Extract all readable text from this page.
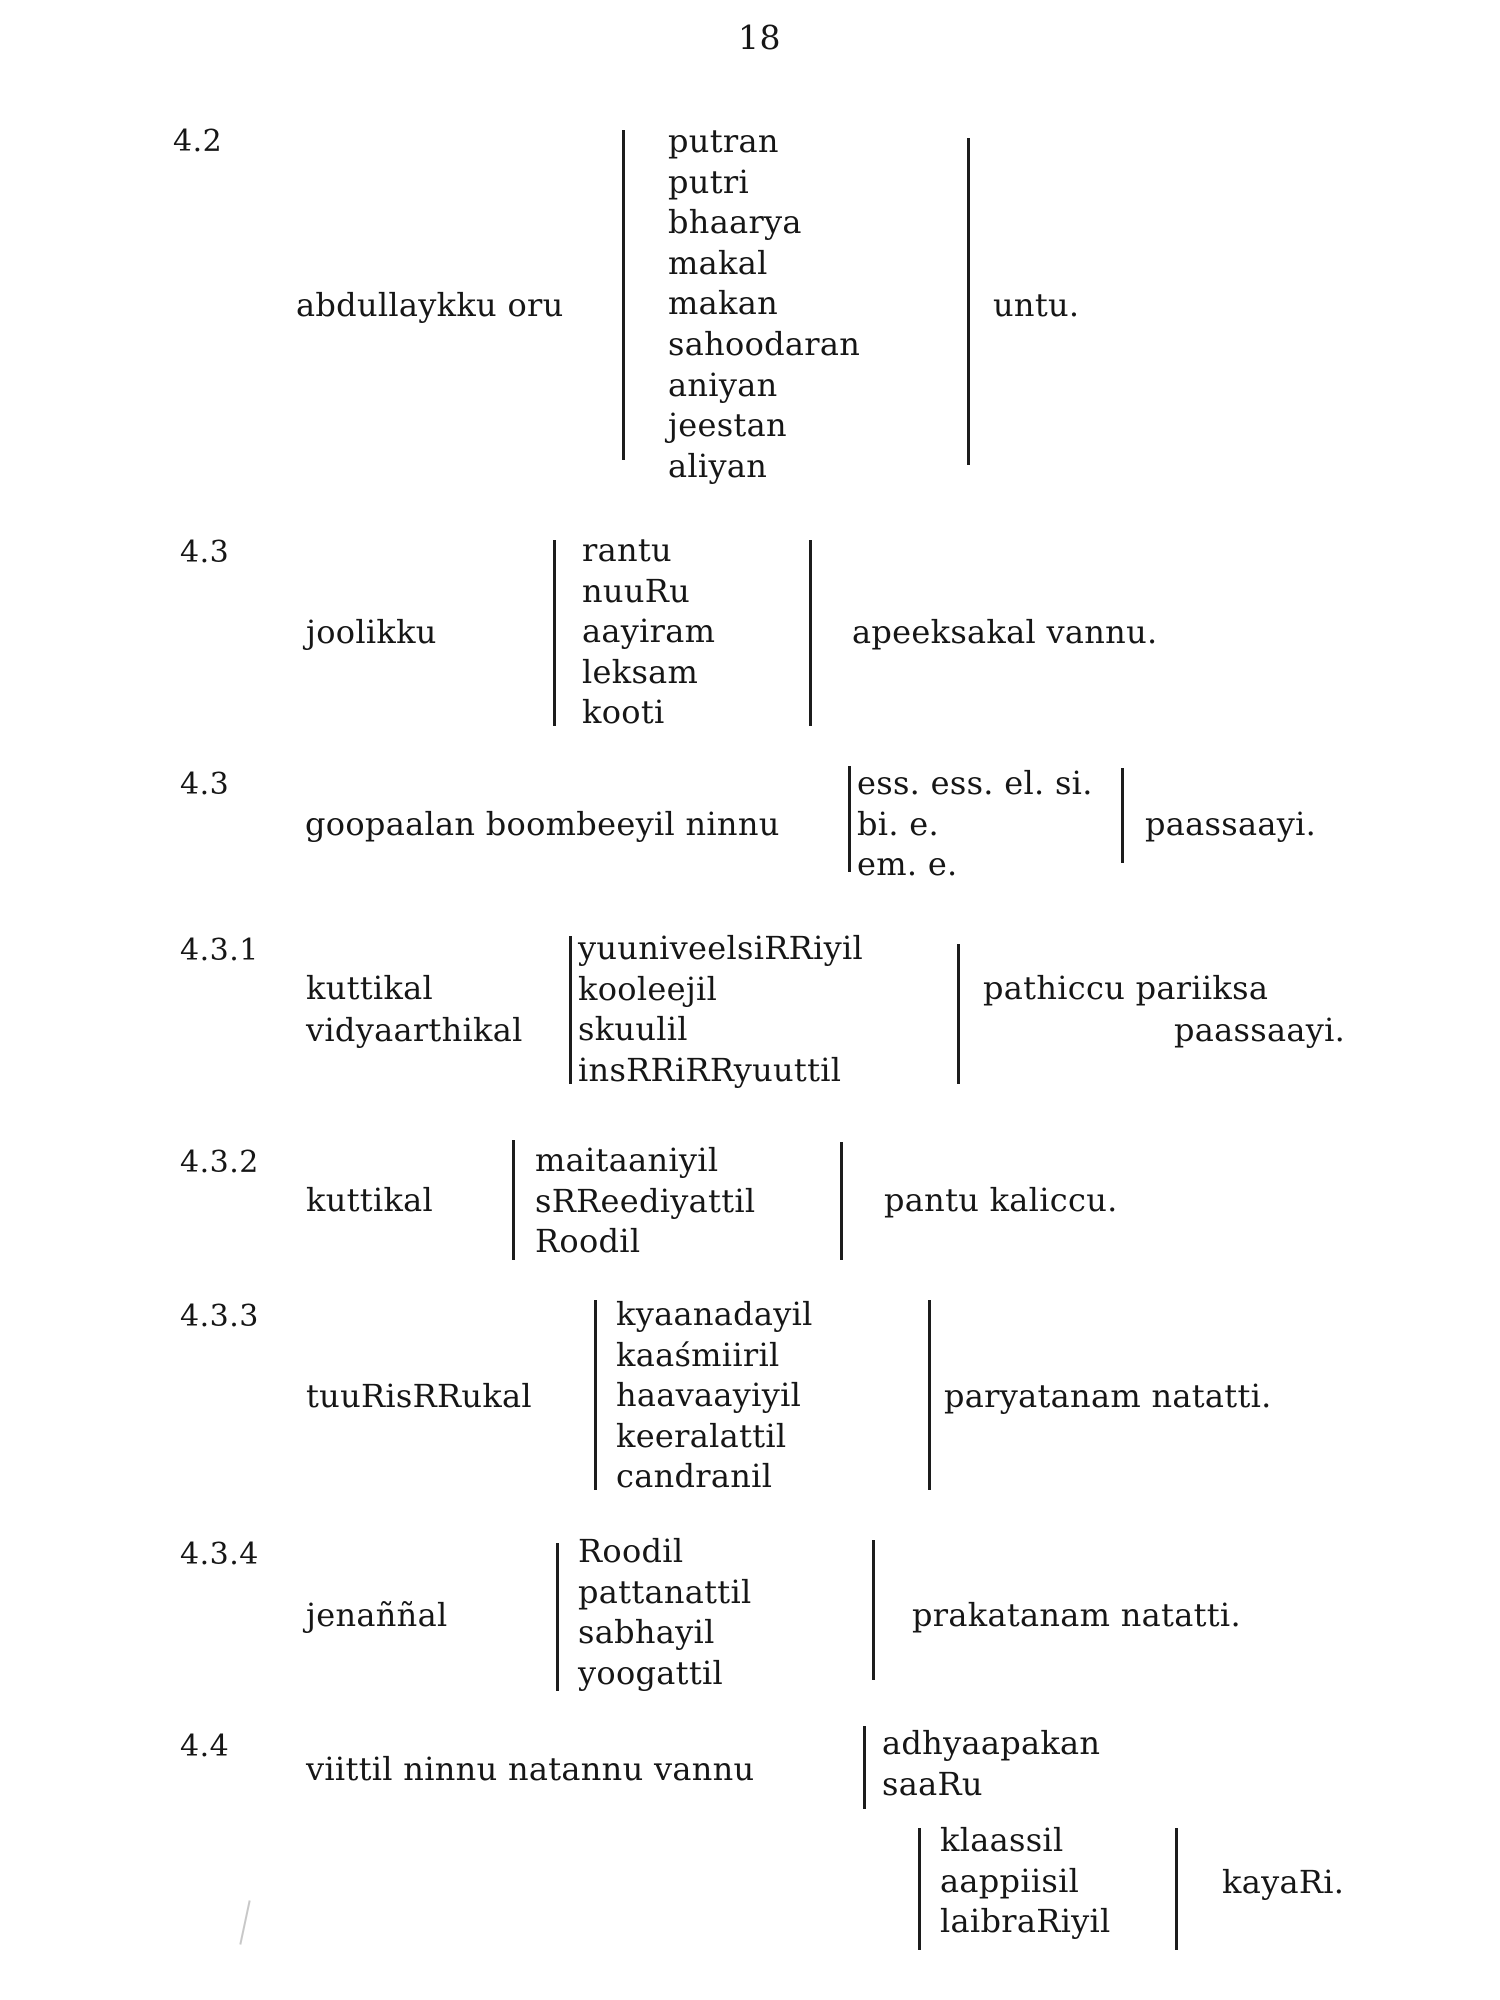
18
4.2
abdullaykku oru
putran
putri
bhaarya
makal
makan
sahoodaran
aniyan
jeestan
aliyan
untu.
4.3
joolikku
rantu
nuuRu
aayiram
leksam
kooti
apeeksakal vannu.
4.3
goopaalan boombeeyil ninnu
ess. ess. el. si.
bi. e.
em. e.
paassaayi.
4.3.1
kuttikal
vidyaarthikal
yuuniveelsiRRiyil
kooleejil
skuulil
insRRiRRyuuttil
pathiccu pariiksa
paassaayi.
4.3.2
kuttikal
maitaaniyil
sRReediyattil
Roodil
pantu kaliccu.
4.3.3
tuuRisRRukal
kyaanadayil
kaaśmiiril
haavaayiyil
keeralattil
candranil
paryatanam natatti.
4.3.4
jenaññal
Roodil
pattanattil
sabhayil
yoogattil
prakatanam natatti.
4.4
viittil ninnu natannu vannu
adhyaapakan
saaRu
klaassil
aappiisil
laibraRiyil
kayaRi.
